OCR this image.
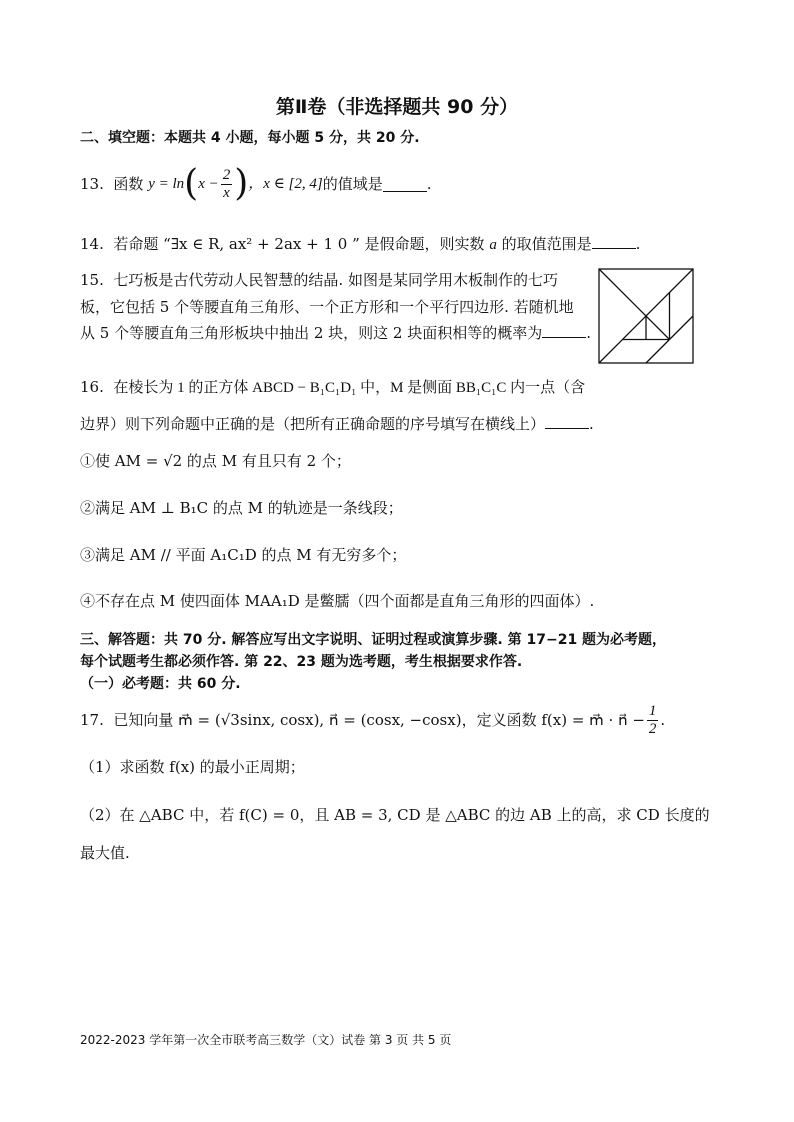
第Ⅱ卷（非选择题共 90 分）
二、填空题：本题共 4 小题，每小题 5 分，共 20 分.
13.
函数
y = ln ( $x - \frac{2}{x}$ ) ，x ∈ [2, 4] 的值域是	.
14. 若命题 “∃x ∈ R, ax² + 2ax + 1 0 ” 是假命题，则实数 a 的取值范围是	.
15. 七巧板是古代劳动人民智慧的结晶. 如图是某同学用木板制作的七巧
板，它包括 5 个等腰直角三角形、一个正方形和一个平行四边形. 若随机地
从 5 个等腰直角三角形板块中抽出 2 块，则这 2 块面积相等的概率为	.
16. 在棱长为 1 的正方体 ABCD − B₁C₁D₁ 中，M 是侧面 BB₁C₁C 内一点（含
边界）则下列命题中正确的是（把所有正确命题的序号填写在横线上）	.
①使 AM = √2 的点 M 有且只有 2 个；
②满足 AM ⊥ B₁C 的点 M 的轨迹是一条线段；
③满足 AM // 平面 A₁C₁D 的点 M 有无穷多个；
④不存在点 M 使四面体 MAA₁D 是鳖臑（四个面都是直角三角形的四面体）.
三、解答题：共 70 分. 解答应写出文字说明、证明过程或演算步骤. 第 17−21 题为必考题，
每个试题考生都必须作答. 第 22、23 题为选考题，考生根据要求作答.
（一）必考题：共 60 分.
17.
已知向量 m⃗ = (√3sinx, cosx), n⃗ = (cosx, −cosx)，定义函数 f(x) = m⃗ · n⃗ − $\frac{1}{2}$ .
（1）求函数 f(x) 的最小正周期；
（2）在 △ABC 中，若 f(C) = 0，且 AB = 3, CD 是 △ABC 的边 AB 上的高，求 CD 长度的
最大值.
2022-2023 学年第一次全市联考高三数学（文）试卷 第 3 页 共 5 页
